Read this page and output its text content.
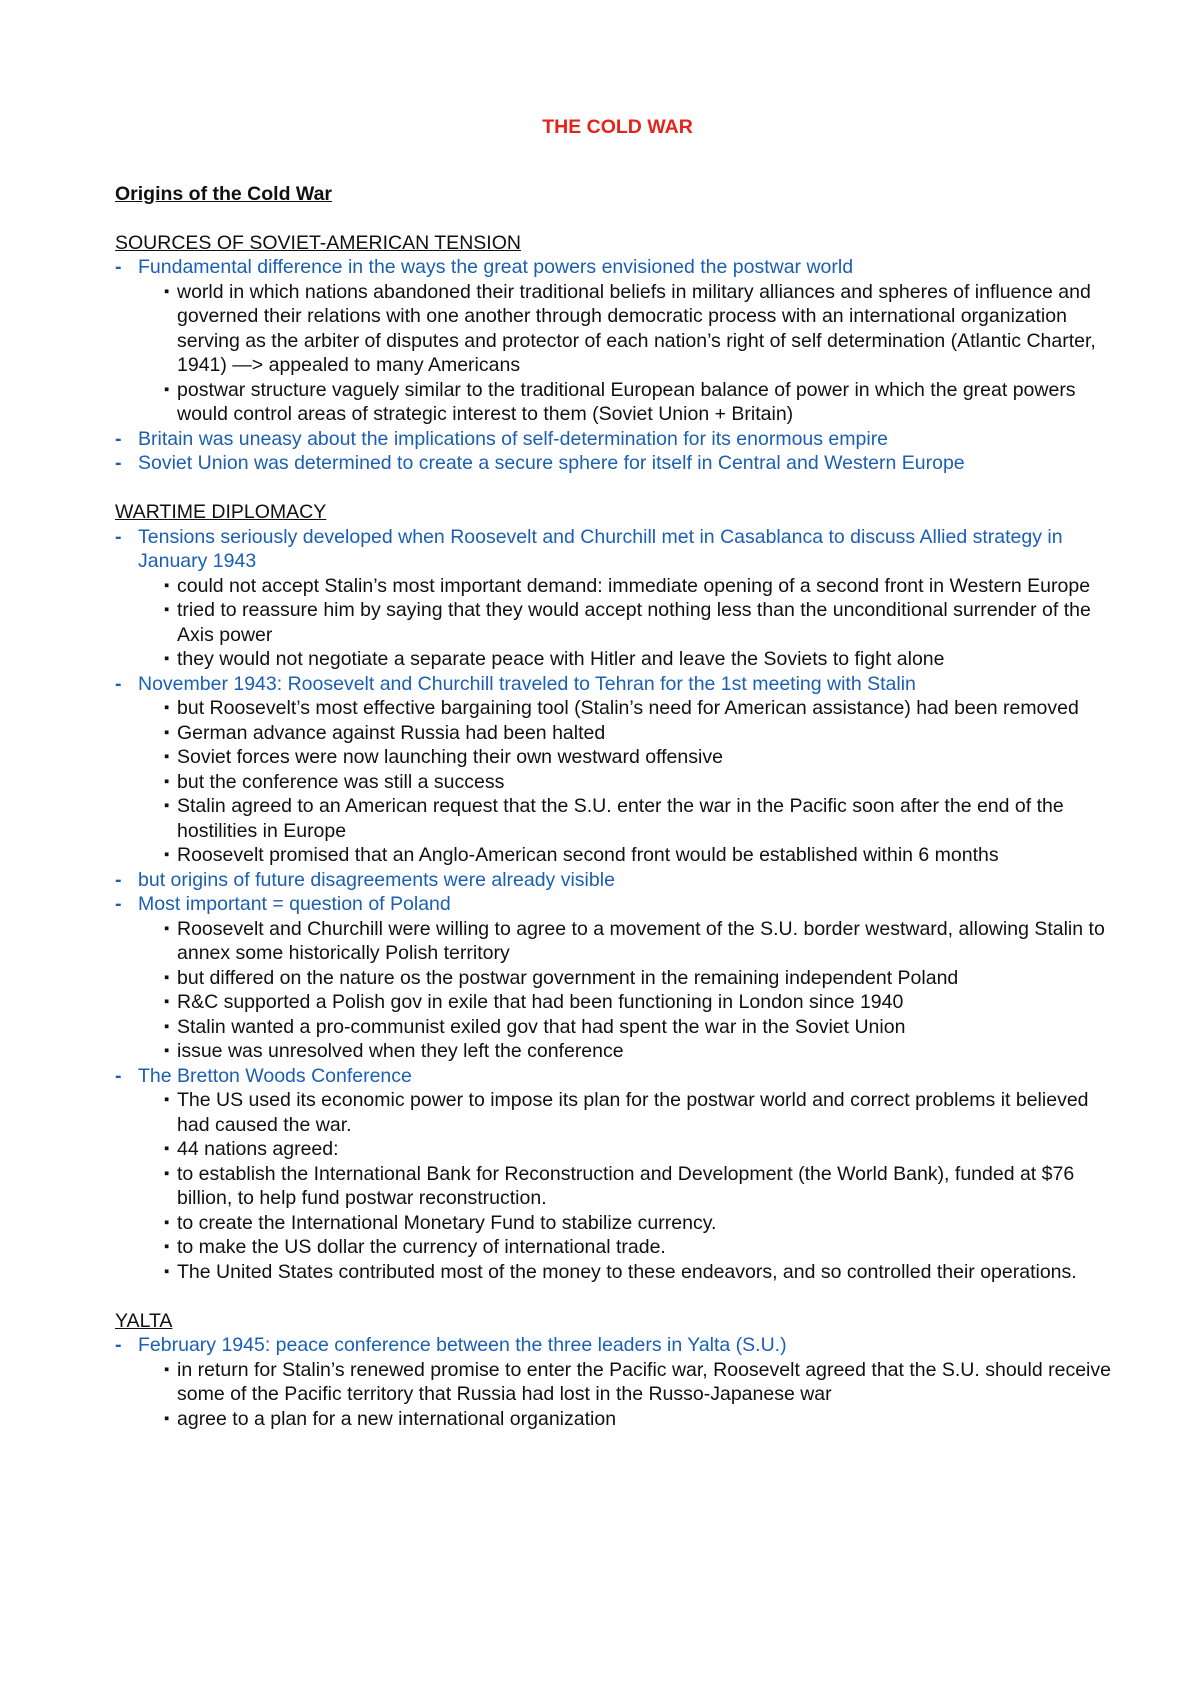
THE COLD WAR
Origins of the Cold War
SOURCES OF SOVIET-AMERICAN TENSION
- Fundamental difference in the ways the great powers envisioned the postwar world
▪ world in which nations abandoned their traditional beliefs in military alliances and spheres of influence and governed their relations with one another through democratic process with an international organization serving as the arbiter of disputes and protector of each nation’s right of self determination (Atlantic Charter, 1941) —> appealed to many Americans
▪ postwar structure vaguely similar to the traditional European balance of power in which the great powers would control areas of strategic interest to them (Soviet Union + Britain)
- Britain was uneasy about the implications of self-determination for its enormous empire
- Soviet Union was determined to create a secure sphere for itself in Central and Western Europe
WARTIME DIPLOMACY
- Tensions seriously developed when Roosevelt and Churchill met in Casablanca to discuss Allied strategy in January 1943
▪ could not accept Stalin’s most important demand: immediate opening of a second front in Western Europe
▪ tried to reassure him by saying that they would accept nothing less than the unconditional surrender of the Axis power
▪ they would not negotiate a separate peace with Hitler and leave the Soviets to fight alone
- November 1943: Roosevelt and Churchill traveled to Tehran for the 1st meeting with Stalin
▪ but Roosevelt’s most effective bargaining tool (Stalin’s need for American assistance) had been removed
▪ German advance against Russia had been halted
▪ Soviet forces were now launching their own westward offensive
▪ but the conference was still a success
▪ Stalin agreed to an American request that the S.U. enter the war in the Pacific soon after the end of the hostilities in Europe
▪ Roosevelt promised that an Anglo-American second front would be established within 6 months
- but origins of future disagreements were already visible
- Most important = question of Poland
▪ Roosevelt and Churchill were willing to agree to a movement of the S.U. border westward, allowing Stalin to annex some historically Polish territory
▪ but differed on the nature os the postwar government in the remaining independent Poland
▪ R&C supported a Polish gov in exile that had been functioning in London since 1940
▪ Stalin wanted a pro-communist exiled gov that had spent the war in the Soviet Union
▪ issue was unresolved when they left the conference
- The Bretton Woods Conference
▪ The US used its economic power to impose its plan for the postwar world and correct problems it believed had caused the war.
▪ 44 nations agreed:
▪ to establish the International Bank for Reconstruction and Development (the World Bank), funded at $76 billion, to help fund postwar reconstruction.
▪ to create the International Monetary Fund to stabilize currency.
▪ to make the US dollar the currency of international trade.
▪ The United States contributed most of the money to these endeavors, and so controlled their operations.
YALTA
- February 1945: peace conference between the three leaders in Yalta (S.U.)
▪ in return for Stalin’s renewed promise to enter the Pacific war, Roosevelt agreed that the S.U. should receive some of the Pacific territory that Russia had lost in the Russo-Japanese war
▪ agree to a plan for a new international organization
